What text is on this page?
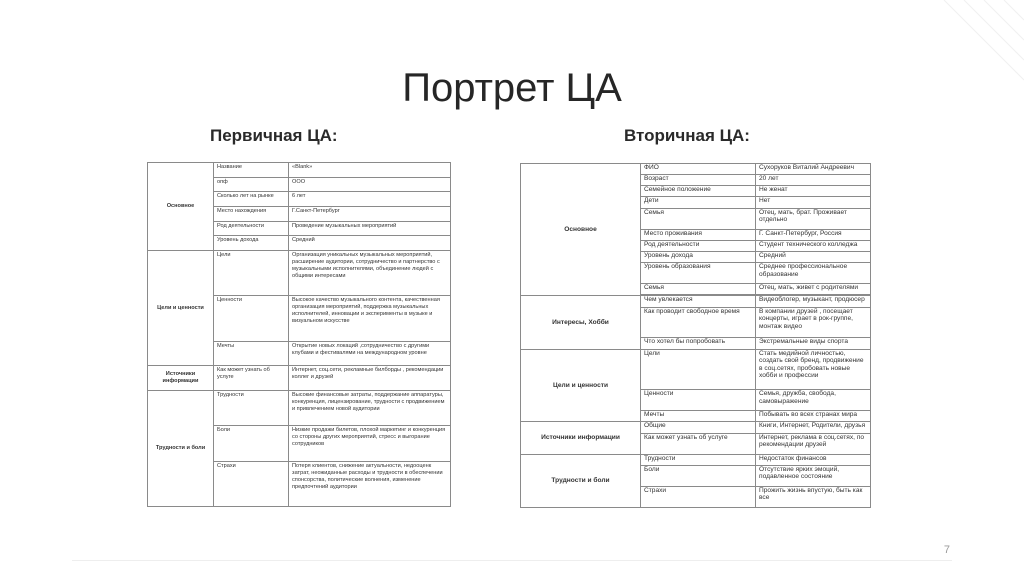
Портрет ЦА
Первичная ЦА:	Вторичная ЦА:
Основное	Название	«Blank»
	опф	ООО
	Сколько лет на рынке	6 лет
	Место нахождения	Г.Санкт-Петербург
	Род деятельности	Проведение музыкальных мероприятий
	Уровень дохода	Средний
Цели и ценности	Цели	Организация уникальных музыкальных мероприятий, расширение аудитории, сотрудничество и партнерство с музыкальными исполнителями, объединение людей с общими интересами
	Ценности	Высокое качество музыкального контента, качественная организация мероприятий, поддержка музыкальных исполнителей, инновации и эксперименты в музыке и визуальном искусстве
	Мечты	Открытие новых локаций ,сотрудничество с другими клубами и фестивалями на международном уровне
Источники информации	Как может узнать об услуге	Интернет, соц.сети, рекламные билборды , рекомендации коллег и друзей
Трудности и боли	Трудности	Высокие финансовые затраты, поддержание аппаратуры, конкуренция, лицензирование, трудности с продвижением и привлечением новой аудитории
	Боли	Низкие продажи билетов, плохой маркетинг и конкуренция со стороны других мероприятий, стресс и выгорание сотрудников
	Страхи	Потеря клиентов, снижение актуальности, недооценк затрат, неожиданные расходы и трудности в обеспечении спонсорства, политические волнения, изменение предпочтений аудитории
Основное	ФИО	Сухоруков Виталий Андреевич
	Возраст	20 лет
	Семейное положение	Не женат
	Дети	Нет
	Семья	Отец, мать, брат. Проживает отдельно
	Место проживания	Г. Санкт-Петербург, Россия
	Род деятельности	Студент технического колледжа
	Уровень дохода	Средний
	Уровень образования	Среднее профессиональное образование
	Семья	Отец, мать, живет с родителями

Интересы, Хобби	Чем увлекается	Видеоблогер, музыкант, продюсер
	Как проводит свободное время	В компании друзей , посещает концерты, играет в рок-группе, монтаж видео
	Что хотел бы попробовать	Экстремальные виды спорта
Цели и ценности	Цели	Стать медийной личностью, создать свой бренд, продвижение в соц.сетях, пробовать новые хобби и профессии
	Ценности	Семья, дружба, свобода, самовыражение
	Мечты	Побывать во всех странах мира
Источники информации	Общие	Книги, Интернет, Родители, друзья
	Как может узнать об услуге	Интернет, реклама в соц.сетях, по рекомендации друзей
Трудности и боли	Трудности	Недостаток финансов
	Боли	Отсутствие ярких эмоций, подавленное состояние
	Страхи	Прожить жизнь впустую, быть как все
7
